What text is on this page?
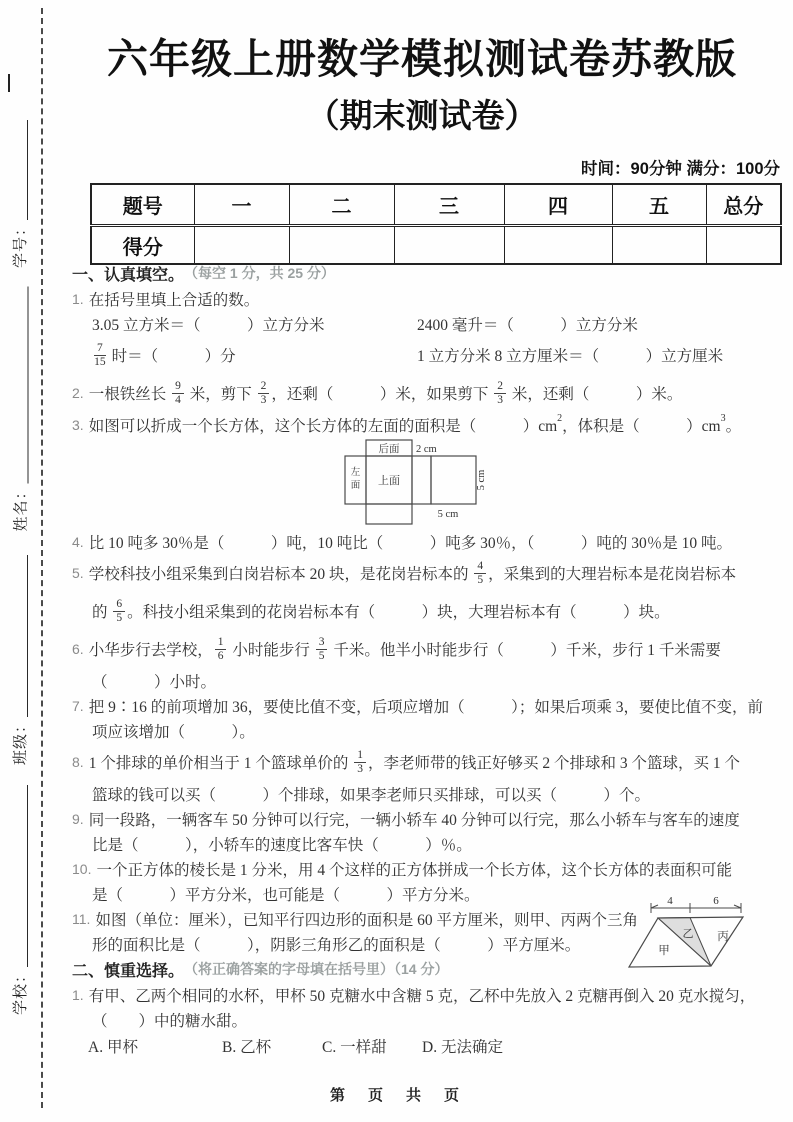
学号：
姓名：
班级：
学校：
六年级上册数学模拟测试卷苏教版
（期末测试卷）
时间：90分钟 满分：100分
题号	一	二	三	四	五	总分
得分						
一、认真填空。 （每空 1 分，共 25 分）
1. 在括号里填上合适的数。
3.05 立方米＝（　　　）立方分米	2400 毫升＝（　　　）立方分米
$\frac{7}{15}$ 时＝（　　　）分	1 立方分米 8 立方厘米＝（　　　）立方厘米
2. 一根铁丝长 $\frac{9}{4}$ 米，剪下 $\frac{2}{3}$ ，还剩（　　　）米，如果剪下 $\frac{2}{3}$ 米，还剩（　　　）米。
3. 如图可以折成一个长方体，这个长方体的左面的面积是（　　　）cm 2 ，体积是（　　　）cm 3 。
后面
左
面 上面
2 cm
5 cm
5 cm
4. 比 10 吨多 30％是（　　　）吨，10 吨比（　　　）吨多 30％，（　　　）吨的 30％是 10 吨。
5. 学校科技小组采集到白岗岩标本 20 块，是花岗岩标本的 $\frac{4}{5}$ ，采集到的大理岩标本是花岗岩标本
的 $\frac{6}{5}$ 。科技小组采集到的花岗岩标本有（　　　）块，大理岩标本有（　　　）块。
6. 小华步行去学校， $\frac{1}{6}$ 小时能步行 $\frac{3}{5}$ 千米。他半小时能步行（　　　）千米，步行 1 千米需要
（　　　）小时。
7. 把 9∶16 的前项增加 36，要使比值不变，后项应增加（　　　）；如果后项乘 3，要使比值不变，前
项应该增加（　　　）。
8. 1 个排球的单价相当于 1 个篮球单价的 $\frac{1}{3}$ ，李老师带的钱正好够买 2 个排球和 3 个篮球，买 1 个
篮球的钱可以买（　　　）个排球，如果李老师只买排球，可以买（　　　）个。
9. 同一段路，一辆客车 50 分钟可以行完，一辆小轿车 40 分钟可以行完，那么小轿车与客车的速度
比是（　　　），小轿车的速度比客车快（　　　）％。
10. 一个正方体的棱长是 1 分米，用 4 个这样的正方体拼成一个长方体，这个长方体的表面积可能
是（　　　）平方分米，也可能是（　　　）平方分米。
11. 如图（单位：厘米），已知平行四边形的面积是 60 平方厘米，则甲、丙两个三角
形的面积比是（　　　），阴影三角形乙的面积是（　　　）平方厘米。
4	6
甲
乙 丙
二、慎重选择。 （将正确答案的字母填在括号里）（14 分）
1. 有甲、乙两个相同的水杯，甲杯 50 克糖水中含糖 5 克，乙杯中先放入 2 克糖再倒入 20 克水搅匀，
（　　）中的糖水甜。
A. 甲杯	B. 乙杯	C. 一样甜	D. 无法确定
第　页　共　页
